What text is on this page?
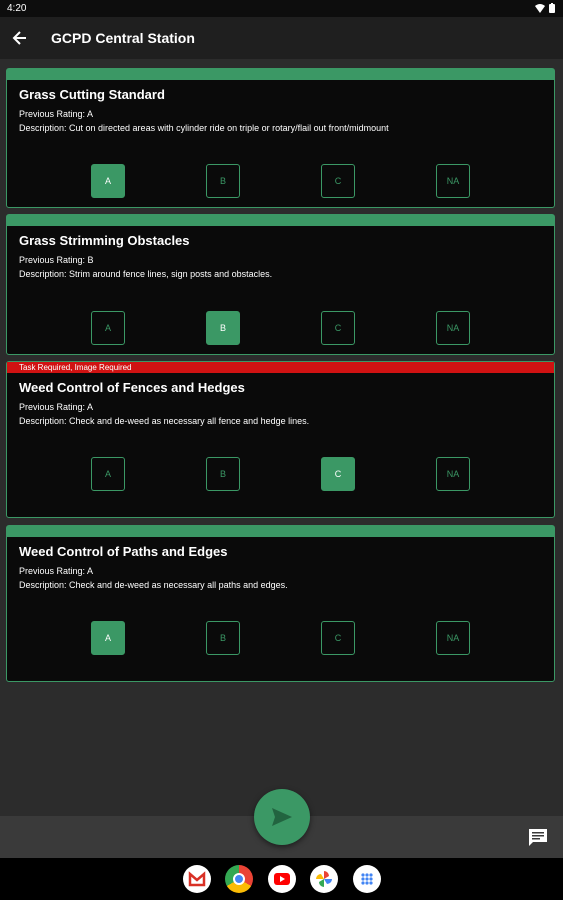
4:20
GCPD Central Station
Grass Cutting Standard
Previous Rating: A
Description: Cut on directed areas with cylinder ride on triple or rotary/flail out front/midmount
A	B	C	NA
Grass Strimming Obstacles
Previous Rating: B
Description: Strim around fence lines, sign posts and obstacles.
A	B	C	NA
Task Required, Image Required
Weed Control of Fences and Hedges
Previous Rating: A
Description: Check and de-weed as necessary all fence and hedge lines.
A	B	C	NA
Weed Control of Paths and Edges
Previous Rating: A
Description: Check and de-weed as necessary all paths and edges.
A	B	C	NA
